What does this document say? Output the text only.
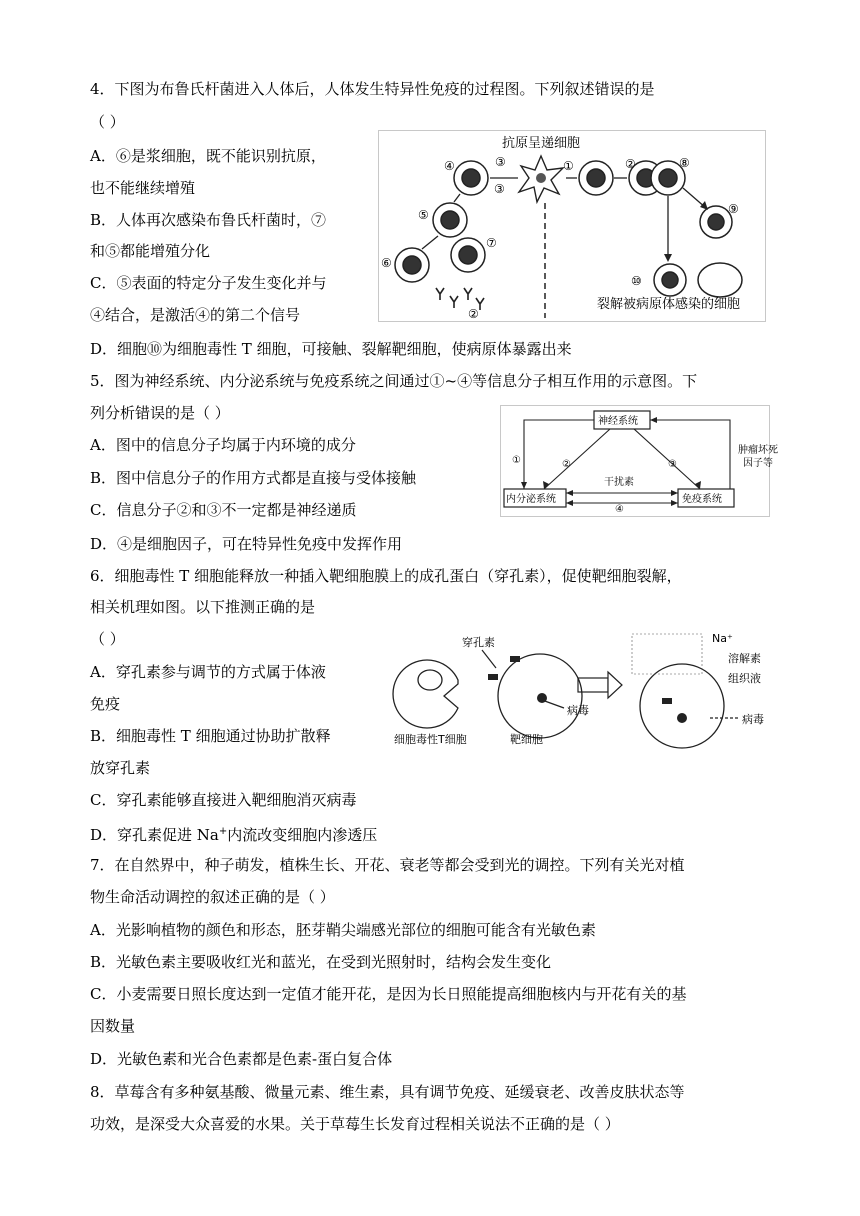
4．下图为布鲁氏杆菌进入人体后，人体发生特异性免疫的过程图。下列叙述错误的是
（ ）
A．⑥是浆细胞，既不能识别抗原，
也不能继续增殖
B．人体再次感染布鲁氏杆菌时，⑦
和⑤都能增殖分化
C．⑤表面的特定分子发生变化并与
④结合，是激活④的第二个信号
D．细胞⑩为细胞毒性 T 细胞，可接触、裂解靶细胞，使病原体暴露出来
抗原呈递细胞
④	③
③
①	②	⑧
⑨
⑩
⑤
⑦
⑥
②
裂解被病原体感染的细胞
5．图为神经系统、内分泌系统与免疫系统之间通过①~④等信息分子相互作用的示意图。下
列分析错误的是（ ）
A．图中的信息分子均属于内环境的成分
B．图中信息分子的作用方式都是直接与受体接触
C．信息分子②和③不一定都是神经递质
D．④是细胞因子，可在特异性免疫中发挥作用
神经系统
内分泌系统	免疫系统
肿瘤坏死
因子等
干扰素
①	②	③
④
6．细胞毒性 T 细胞能释放一种插入靶细胞膜上的成孔蛋白（穿孔素），促使靶细胞裂解，
相关机理如图。以下推测正确的是
（ ）
A．穿孔素参与调节的方式属于体液
免疫
B．细胞毒性 T 细胞通过协助扩散释
放穿孔素
C．穿孔素能够直接进入靶细胞消灭病毒
D．穿孔素促进 Na+内流改变细胞内渗透压
穿孔素
病毒
细胞毒性T细胞	靶细胞
Na⁺
溶解素
组织液
病毒
7．在自然界中，种子萌发，植株生长、开花、衰老等都会受到光的调控。下列有关光对植
物生命活动调控的叙述正确的是（ ）
A．光影响植物的颜色和形态，胚芽鞘尖端感光部位的细胞可能含有光敏色素
B．光敏色素主要吸收红光和蓝光，在受到光照射时，结构会发生变化
C．小麦需要日照长度达到一定值才能开花，是因为长日照能提高细胞核内与开花有关的基
因数量
D．光敏色素和光合色素都是色素-蛋白复合体
8．草莓含有多种氨基酸、微量元素、维生素，具有调节免疫、延缓衰老、改善皮肤状态等
功效，是深受大众喜爱的水果。关于草莓生长发育过程相关说法不正确的是（ ）
